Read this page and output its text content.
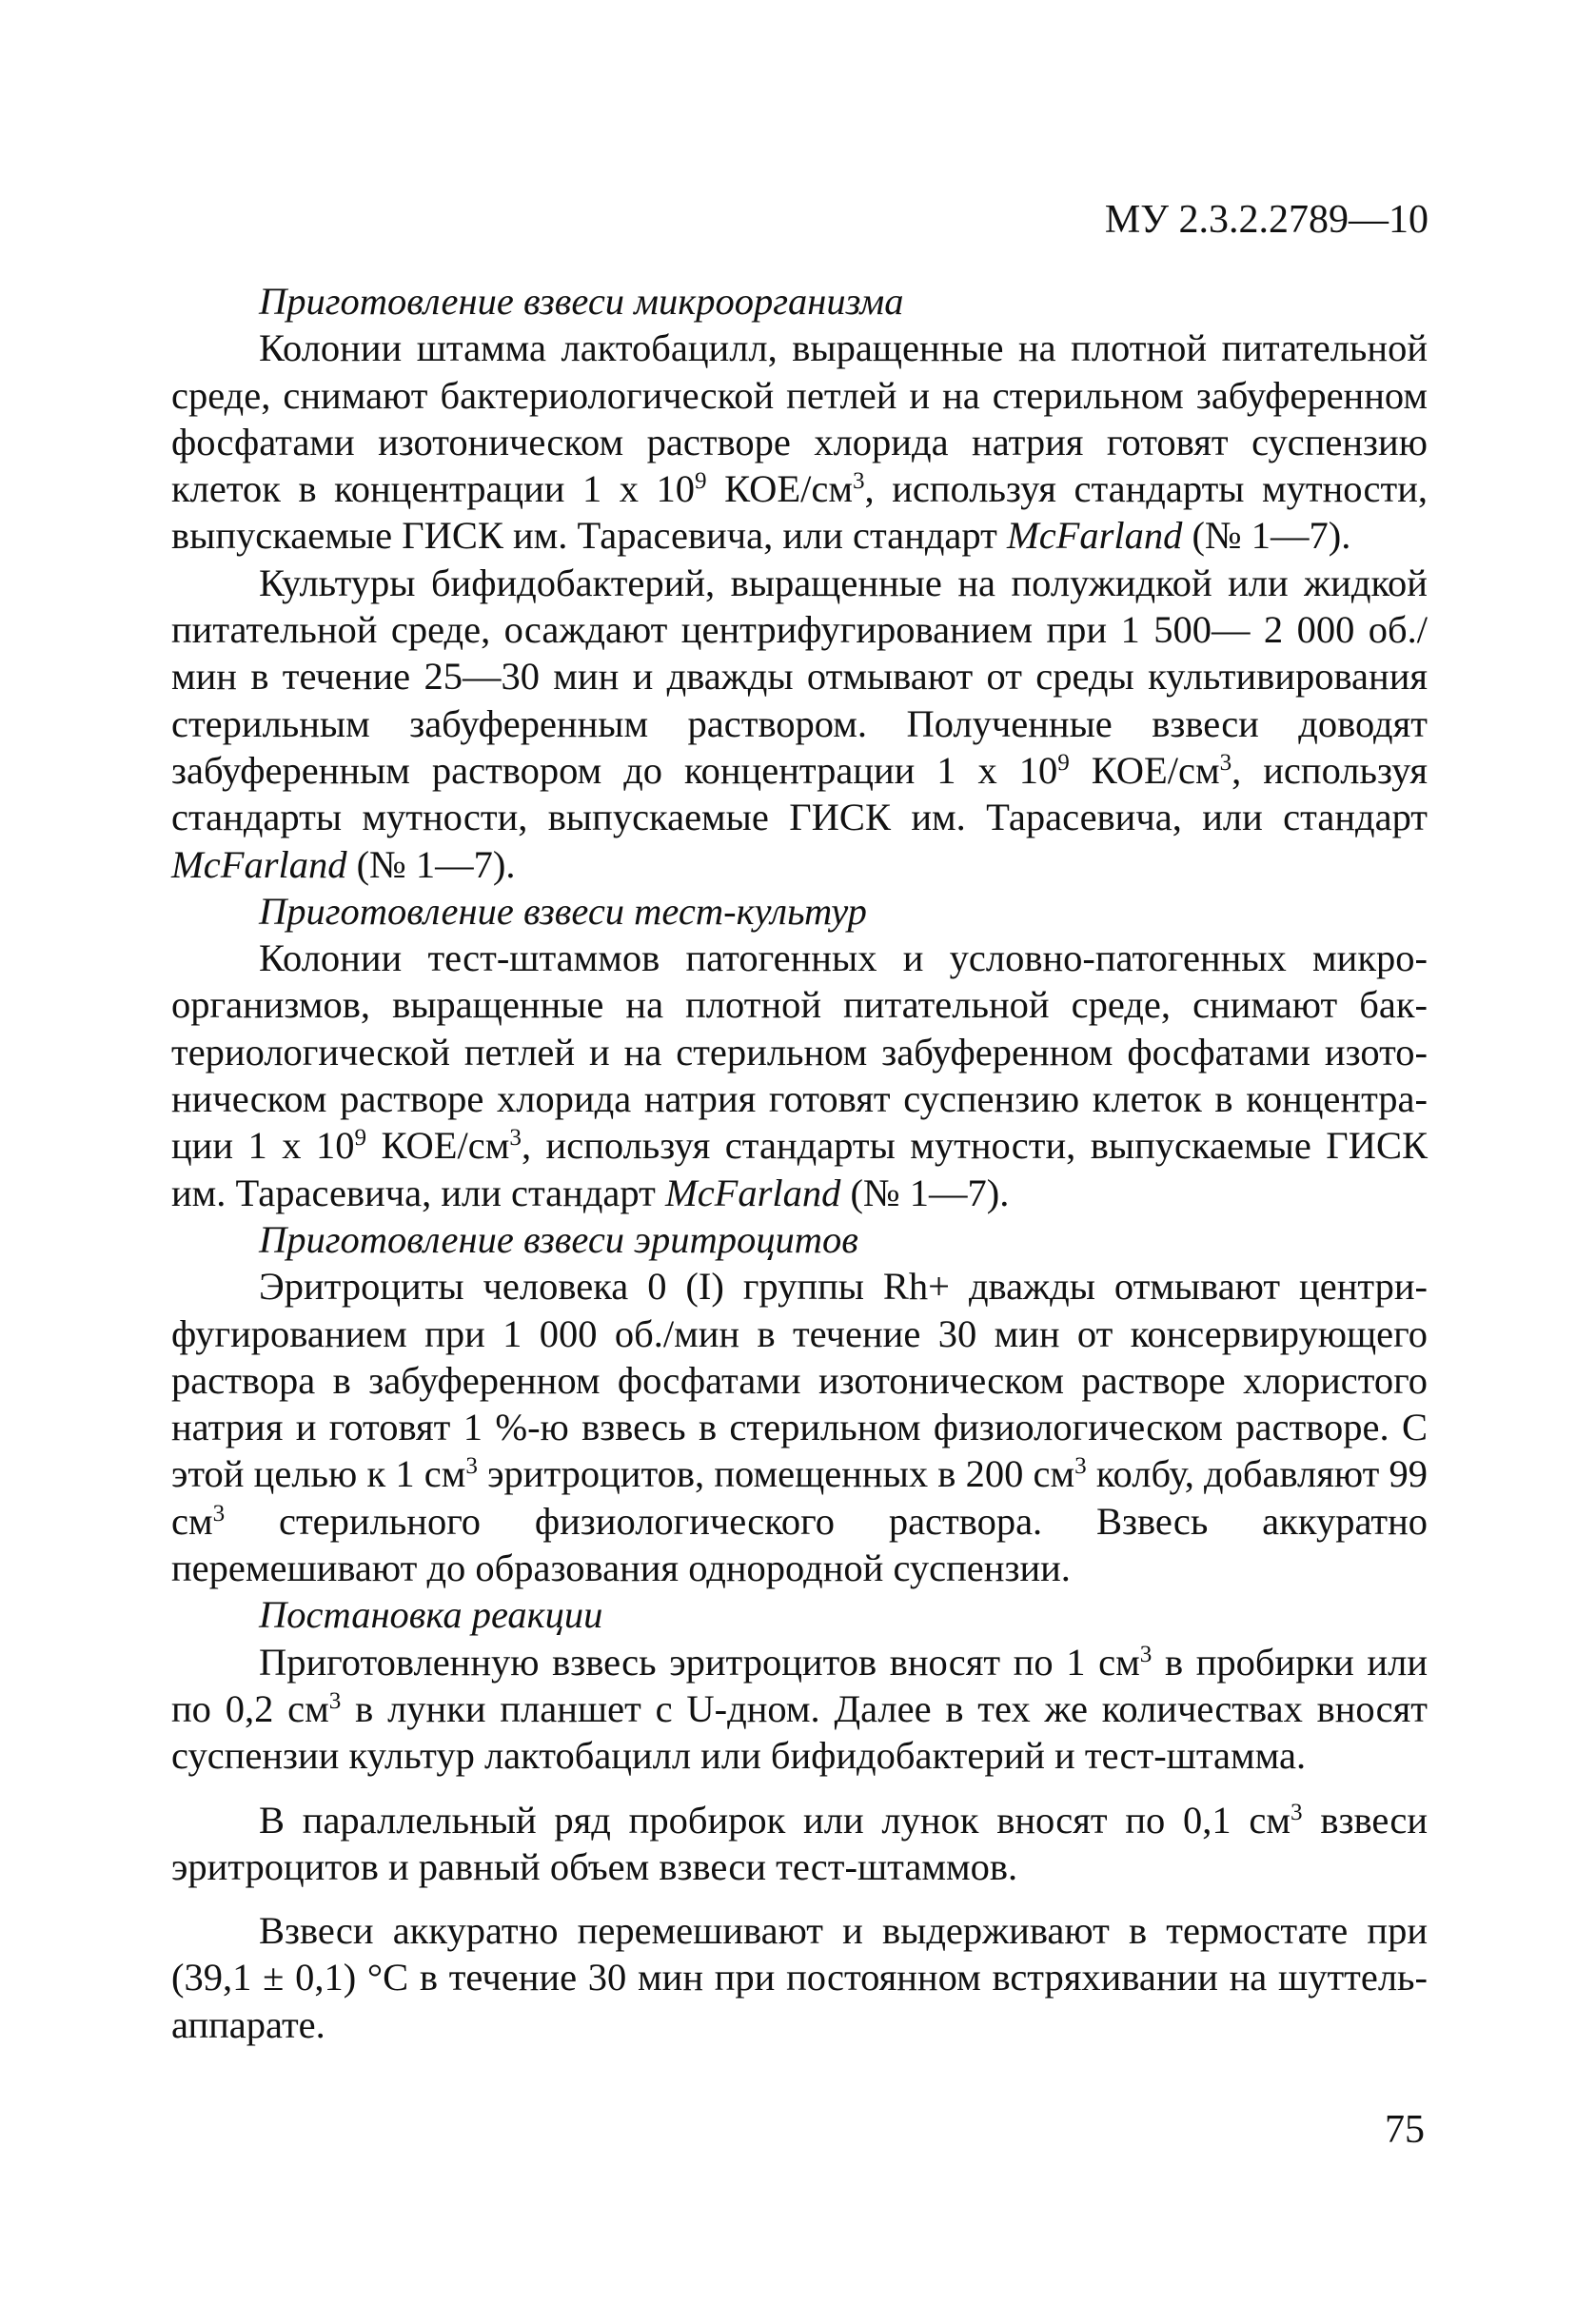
МУ 2.3.2.2789—10
Приготовление взвеси микроорганизма

Колонии штамма лактобацилл, выращенные на плотной питательной среде, снимают бактериологической петлей и на стерильном забуференном фосфатами изотоническом растворе хлорида натрия готовят суспензию клеток в концентрации 1 х $10^9$ КОЕ/$см^3$, используя стандарты мутности, выпускаемые ГИСК им. Тарасевича, или стандарт McFarland (№ 1—7).

Культуры бифидобактерий, выращенные на полужидкой или жидкой питательной среде, осаждают центрифугированием при 1 500— 2 000 об./мин в течение 25—30 мин и дважды отмывают от среды культивирования стерильным забуференным раствором. Полученные взвеси доводят забуференным раствором до концентрации 1 х $10^9$ КОЕ/$см^3$, используя стандарты мутности, выпускаемые ГИСК им. Тарасевича, или стандарт McFarland (№ 1—7).

Приготовление взвеси тест-культур

Колонии тест-штаммов патогенных и условно-патогенных микроорганизмов, выращенные на плотной питательной среде, снимают бактериологической петлей и на стерильном забуференном фосфатами изотоническом растворе хлорида натрия готовят суспензию клеток в концентрации 1 х $10^9$ КОЕ/$см^3$, используя стандарты мутности, выпускаемые ГИСК им. Тарасевича, или стандарт McFarland (№ 1—7).

Приготовление взвеси эритроцитов

Эритроциты человека 0 (I) группы Rh+ дважды отмывают центрифугированием при 1 000 об./мин в течение 30 мин от консервирующего раствора в забуференном фосфатами изотоническом растворе хлористого натрия и готовят 1 %-ю взвесь в стерильном физиологическом растворе. С этой целью к 1 $см^3$ эритроцитов, помещенных в 200 $см^3$ колбу, добавляют 99 $см^3$ стерильного физиологического раствора. Взвесь аккуратно перемешивают до образования однородной суспензии.

Постановка реакции

Приготовленную взвесь эритроцитов вносят по 1 $см^3$ в пробирки или по 0,2 $см^3$ в лунки планшет с U-дном. Далее в тех же количествах вносят суспензии культур лактобацилл или бифидобактерий и тест-штамма.

В параллельный ряд пробирок или лунок вносят по 0,1 $см^3$ взвеси эритроцитов и равный объем взвеси тест-штаммов.

Взвеси аккуратно перемешивают и выдерживают в термостате при (39,1 ± 0,1) °С в течение 30 мин при постоянном встряхивании на шуттель-аппарате.

75
